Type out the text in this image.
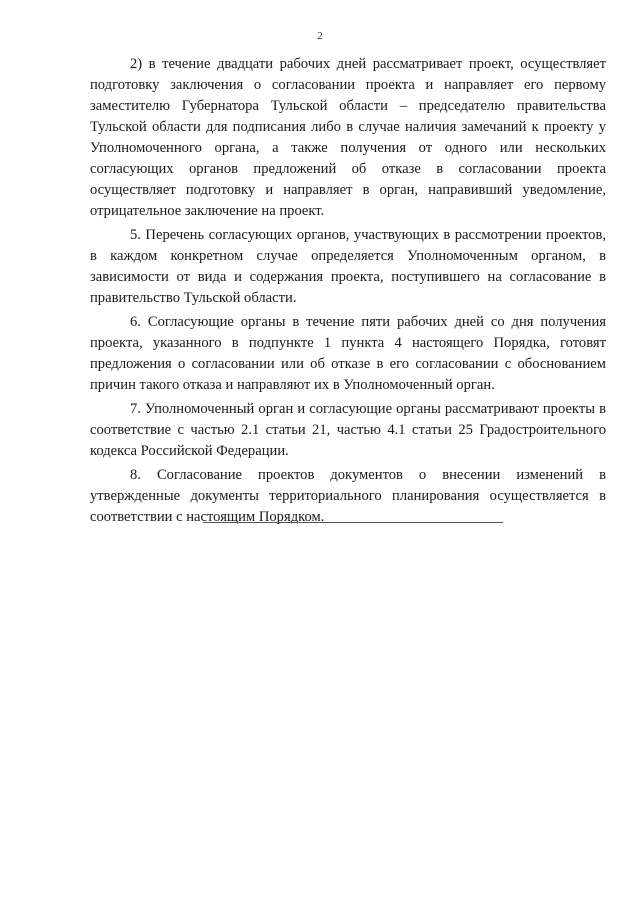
2

2) в течение двадцати рабочих дней рассматривает проект, осуществляет подготовку заключения о согласовании проекта и направляет его первому заместителю Губернатора Тульской области – председателю правительства Тульской области для подписания либо в случае наличия замечаний к проекту у Уполномоченного органа, а также получения от одного или нескольких согласующих органов предложений об отказе в согласовании проекта осуществляет подготовку и направляет в орган, направивший уведомление, отрицательное заключение на проект.

5. Перечень согласующих органов, участвующих в рассмотрении проектов, в каждом конкретном случае определяется Уполномоченным органом, в зависимости от вида и содержания проекта, поступившего на согласование в правительство Тульской области.

6. Согласующие органы в течение пяти рабочих дней со дня получения проекта, указанного в подпункте 1 пункта 4 настоящего Порядка, готовят предложения о согласовании или об отказе в его согласовании с обоснованием причин такого отказа и направляют их в Уполномоченный орган.

7. Уполномоченный орган и согласующие органы рассматривают проекты в соответствие с частью 2.1 статьи 21, частью 4.1 статьи 25 Градостроительного кодекса Российской Федерации.

8. Согласование проектов документов о внесении изменений в утвержденные документы территориального планирования осуществляется в соответствии с настоящим Порядком.
